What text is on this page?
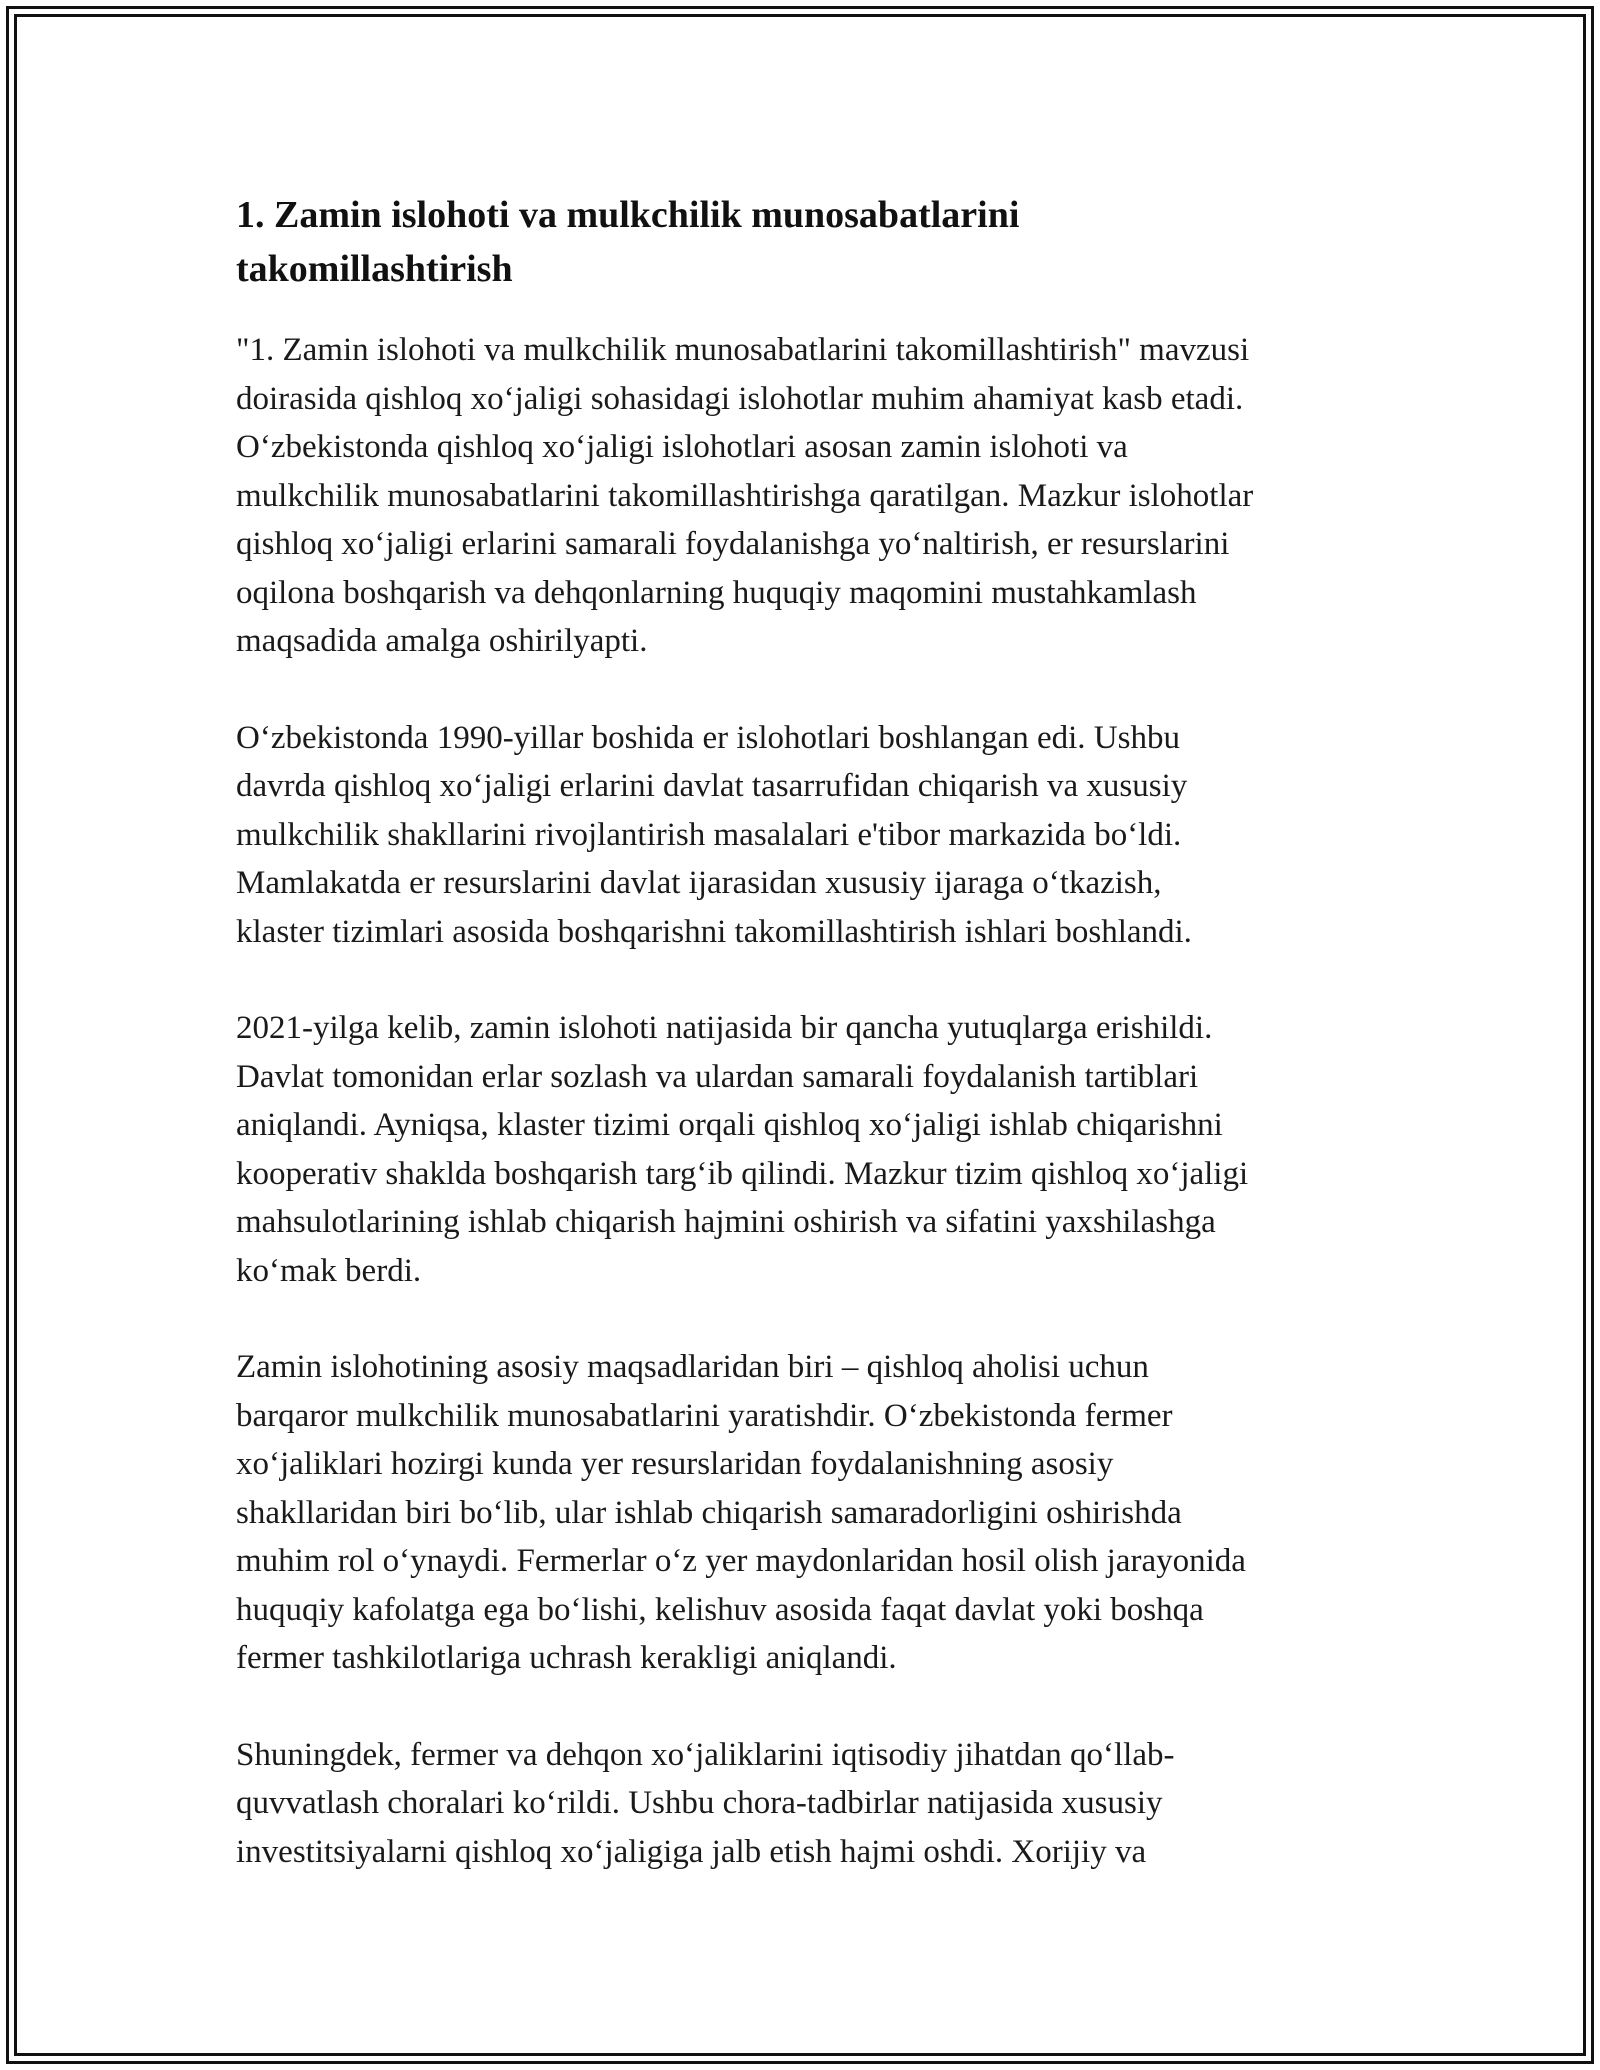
1. Zamin islohoti va mulkchilik munosabatlarini
takomillashtirish

"1. Zamin islohoti va mulkchilik munosabatlarini takomillashtirish" mavzusi
doirasida qishloq xo‘jaligi sohasidagi islohotlar muhim ahamiyat kasb etadi.
O‘zbekistonda qishloq xo‘jaligi islohotlari asosan zamin islohoti va
mulkchilik munosabatlarini takomillashtirishga qaratilgan. Mazkur islohotlar
qishloq xo‘jaligi erlarini samarali foydalanishga yo‘naltirish, er resurslarini
oqilona boshqarish va dehqonlarning huquqiy maqomini mustahkamlash
maqsadida amalga oshirilyapti.

O‘zbekistonda 1990-yillar boshida er islohotlari boshlangan edi. Ushbu
davrda qishloq xo‘jaligi erlarini davlat tasarrufidan chiqarish va xususiy
mulkchilik shakllarini rivojlantirish masalalari e'tibor markazida bo‘ldi.
Mamlakatda er resurslarini davlat ijarasidan xususiy ijaraga o‘tkazish,
klaster tizimlari asosida boshqarishni takomillashtirish ishlari boshlandi.

2021-yilga kelib, zamin islohoti natijasida bir qancha yutuqlarga erishildi.
Davlat tomonidan erlar sozlash va ulardan samarali foydalanish tartiblari
aniqlandi. Ayniqsa, klaster tizimi orqali qishloq xo‘jaligi ishlab chiqarishni
kooperativ shaklda boshqarish targ‘ib qilindi. Mazkur tizim qishloq xo‘jaligi
mahsulotlarining ishlab chiqarish hajmini oshirish va sifatini yaxshilashga
ko‘mak berdi.

Zamin islohotining asosiy maqsadlaridan biri – qishloq aholisi uchun
barqaror mulkchilik munosabatlarini yaratishdir. O‘zbekistonda fermer
xo‘jaliklari hozirgi kunda yer resurslaridan foydalanishning asosiy
shakllaridan biri bo‘lib, ular ishlab chiqarish samaradorligini oshirishda
muhim rol o‘ynaydi. Fermerlar o‘z yer maydonlaridan hosil olish jarayonida
huquqiy kafolatga ega bo‘lishi, kelishuv asosida faqat davlat yoki boshqa
fermer tashkilotlariga uchrash kerakligi aniqlandi.

Shuningdek, fermer va dehqon xo‘jaliklarini iqtisodiy jihatdan qo‘llab-
quvvatlash choralari ko‘rildi. Ushbu chora-tadbirlar natijasida xususiy
investitsiyalarni qishloq xo‘jaligiga jalb etish hajmi oshdi. Xorijiy va
